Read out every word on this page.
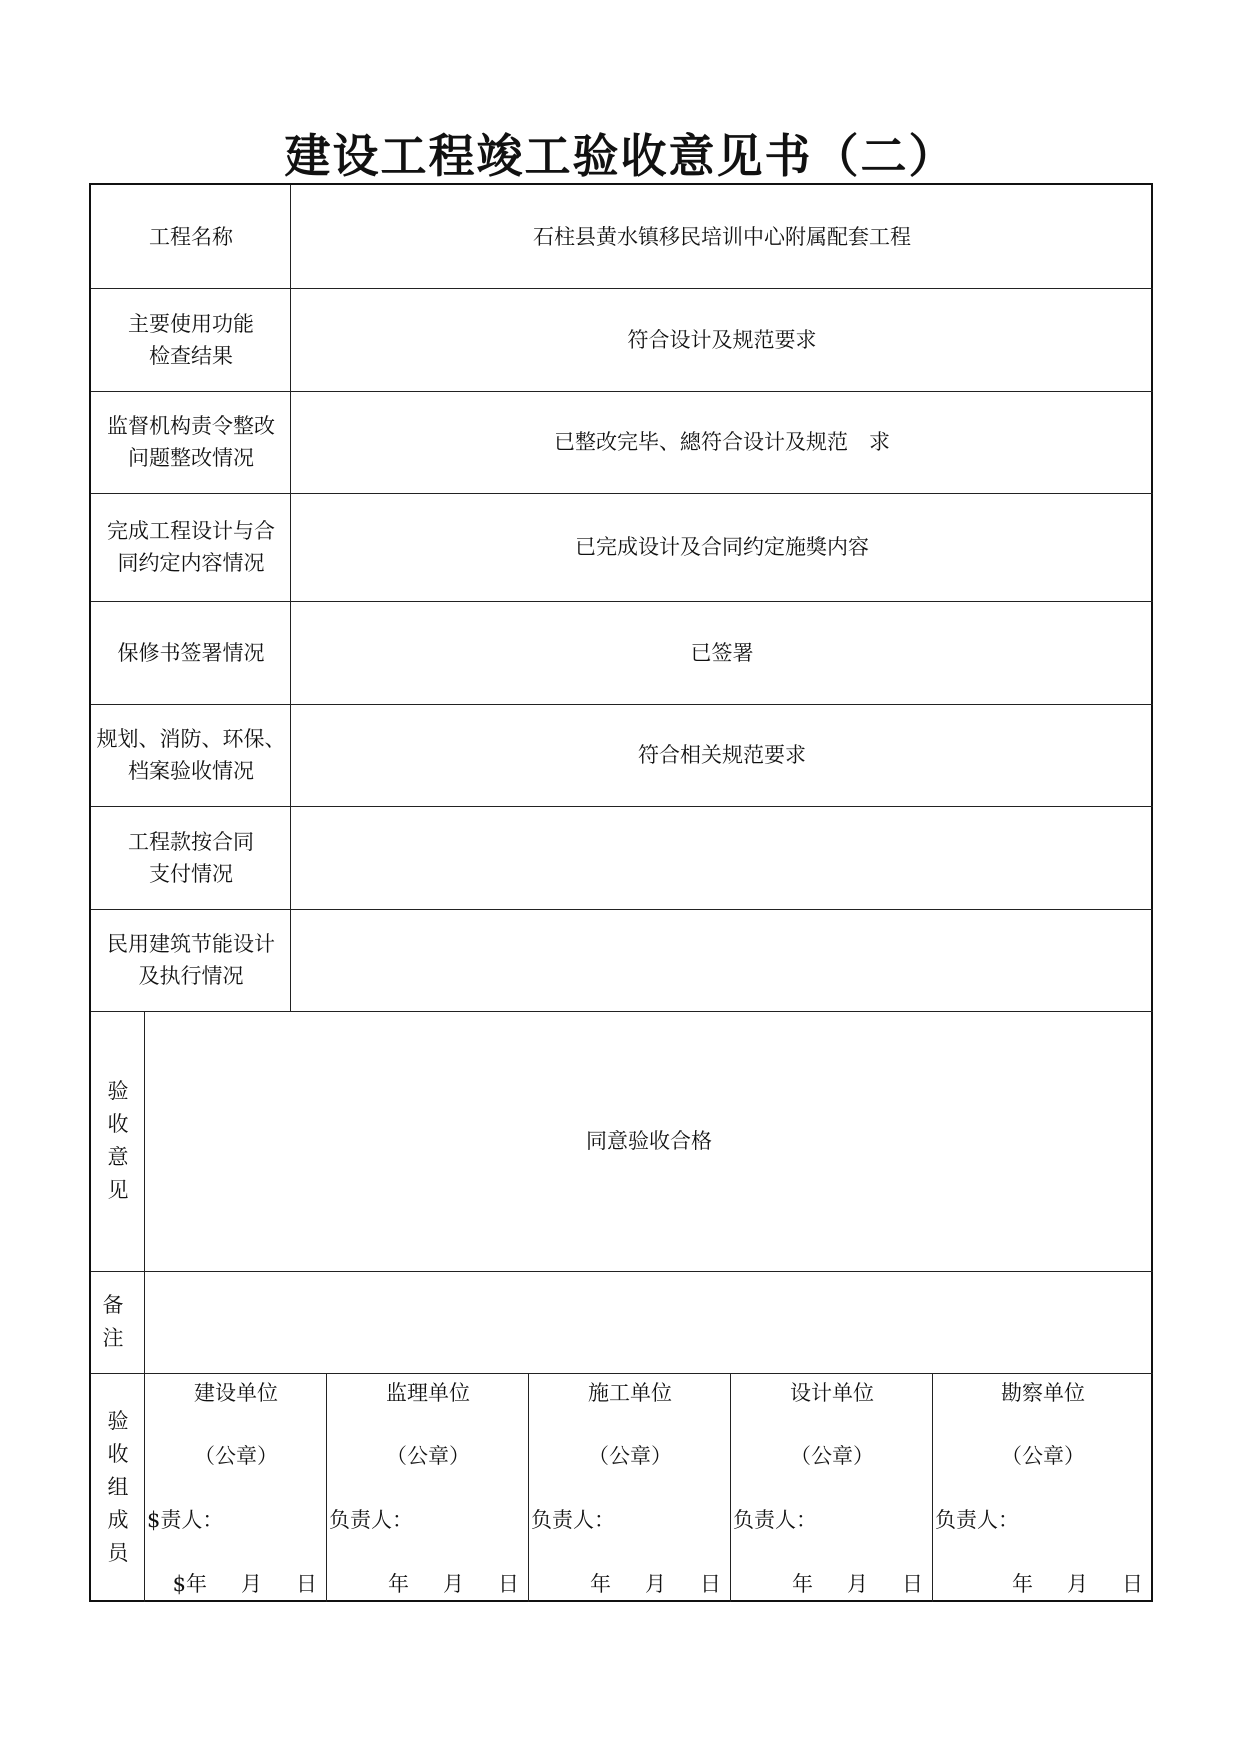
建设工程竣工验收意见书（二）
工程名称	石柱县黄水镇移民培训中心附属配套工程
主要使用功能
检查结果
符合设计及规范要求
监督机构责令整改
问题整改情况
已整改完毕、總符合设计及规范　求
完成工程设计与合
同约定内容情况
已完成设计及合同约定施獎内容
保修书签署情况	已签署
规划、消防、环保、
档案验收情况
符合相关规范要求
工程款按合同
支付情况
民用建筑节能设计
及执行情况
验
收
意
见
同意验收合格
备
注
验
收
组
成
员
建设单位
（公章）
$责人：
$年 月 日
监理单位
（公章）
负责人：
年 月 日
施工单位
（公章）
负责人：
年 月 日
设计单位
（公章）
负责人：
年 月 日
勘察单位
（公章）
负责人：
年 月 日
